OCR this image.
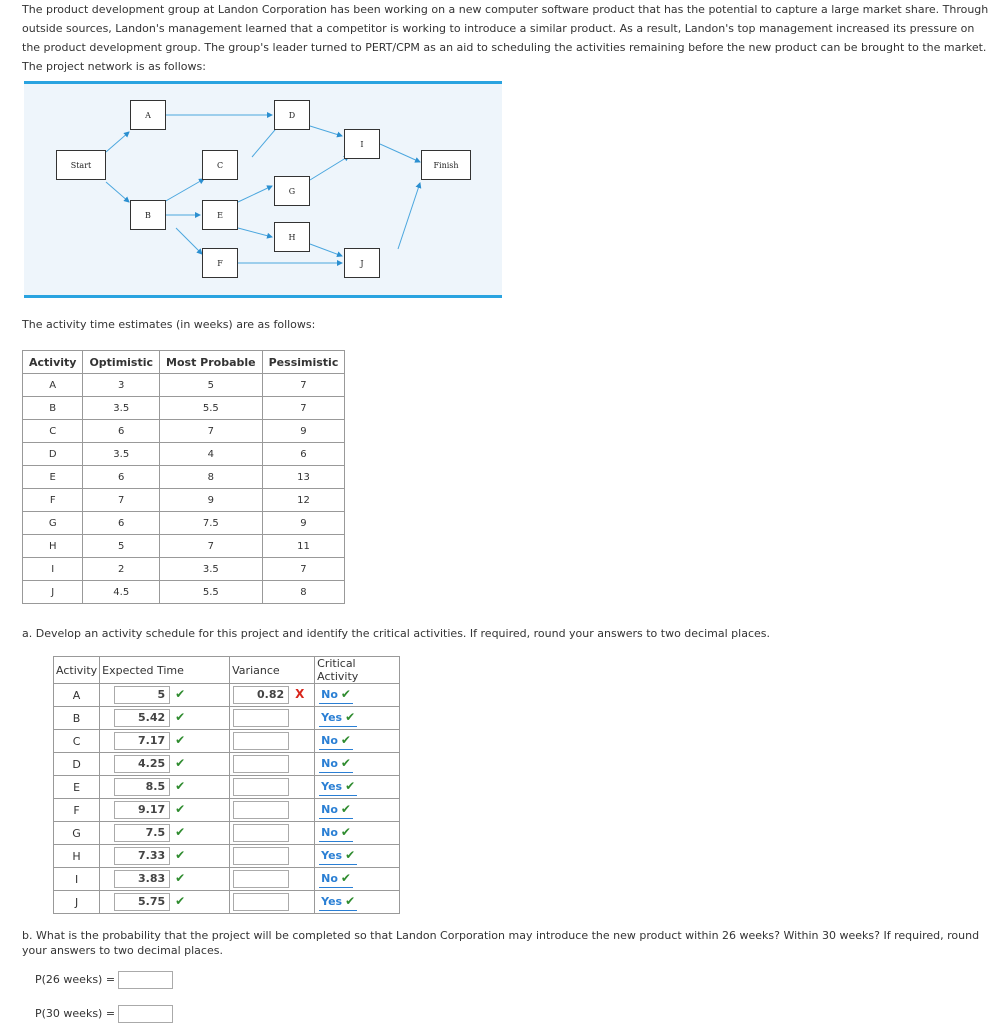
The product development group at Landon Corporation has been working on a new computer software product that has the potential to capture a large market share. Through outside sources, Landon's management learned that a competitor is working to introduce a similar product. As a result, Landon's top management increased its pressure on the product development group. The group's leader turned to PERT/CPM as an aid to scheduling the activities remaining before the new product can be brought to the market. The project network is as follows:
Start
A
B
C
D
E
F
G
H
I
J
Finish
The activity time estimates (in weeks) are as follows:
Activity	Optimistic	Most Probable	Pessimistic
A	3	5	7
B	3.5	5.5	7
C	6	7	9
D	3.5	4	6
E	6	8	13
F	7	9	12
G	6	7.5	9
H	5	7	11
I	2	3.5	7
J	4.5	5.5	8
a. Develop an activity schedule for this project and identify the critical activities. If required, round your answers to two decimal places.
Activity	Expected Time	Variance	Critical Activity
A	5 ✔	0.82 X	No ✔
B	5.42 ✔		Yes ✔
C	7.17 ✔		No ✔
D	4.25 ✔		No ✔
E	8.5 ✔		Yes ✔
F	9.17 ✔		No ✔
G	7.5 ✔		No ✔
H	7.33 ✔		Yes ✔
I	3.83 ✔		No ✔
J	5.75 ✔		Yes ✔
b. What is the probability that the project will be completed so that Landon Corporation may introduce the new product within 26 weeks? Within 30 weeks? If required, round your answers to two decimal places.
P(26 weeks) =
P(30 weeks) =
